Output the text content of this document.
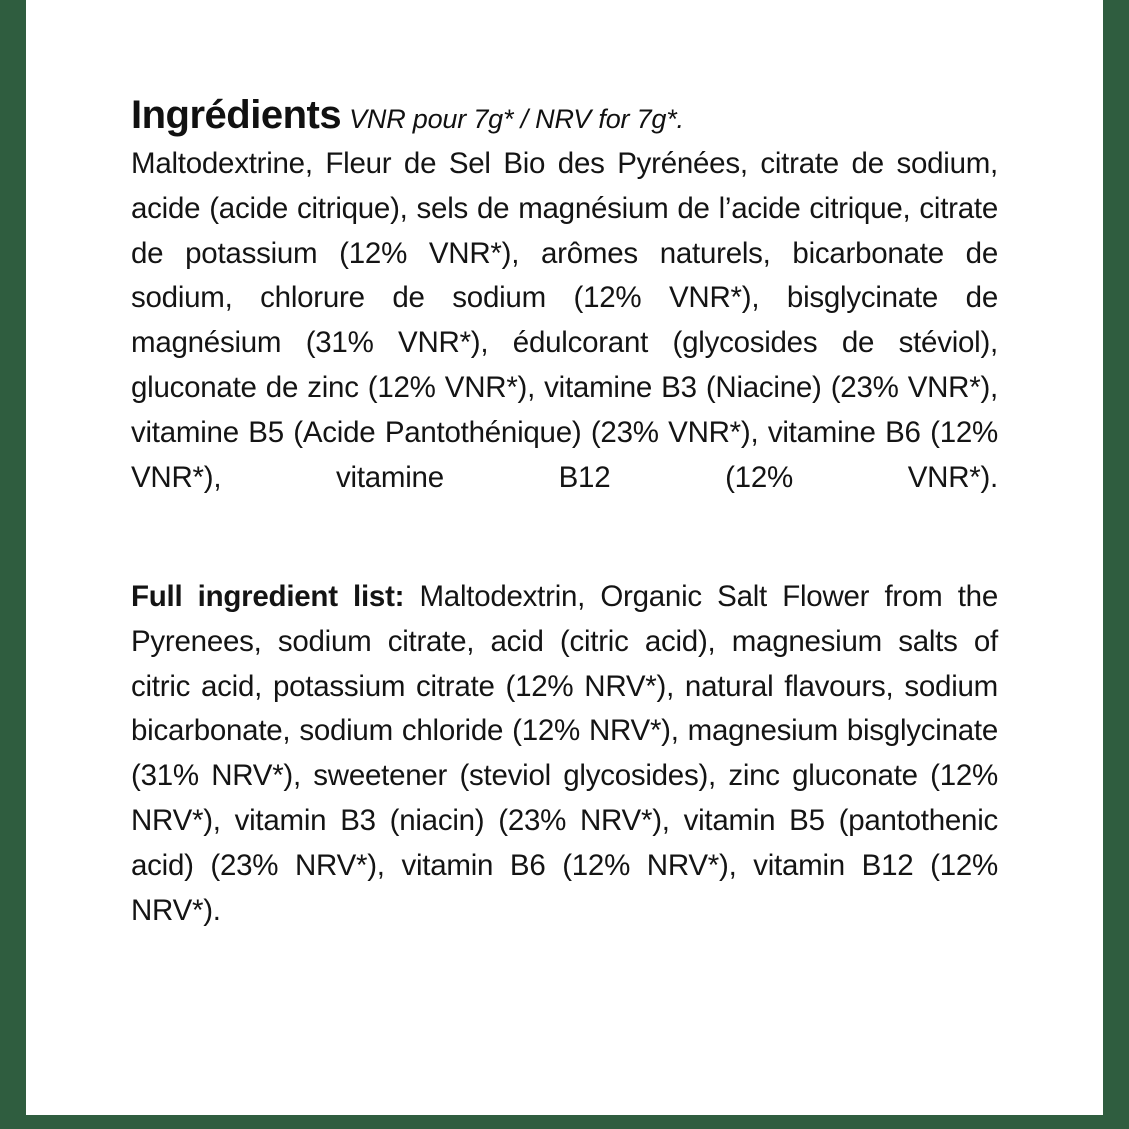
Ingrédients VNR pour 7g* / NRV for 7g*.

Maltodextrine, Fleur de Sel Bio des Pyrénées, citrate de sodium, acide (acide citrique), sels de magnésium de l’acide citrique, citrate de potassium (12% VNR*), arômes naturels, bicarbonate de sodium, chlorure de sodium (12% VNR*), bisglycinate de magnésium (31% VNR*), édulcorant (glycosides de stéviol), gluconate de zinc (12% VNR*), vitamine B3 (Niacine) (23% VNR*), vitamine B5 (Acide Pantothénique) (23% VNR*), vitamine B6 (12% VNR*), vitamine B12 (12% VNR*).

Full ingredient list: Maltodextrin, Organic Salt Flower from the Pyrenees, sodium citrate, acid (citric acid), magnesium salts of citric acid, potassium citrate (12% NRV*), natural flavours, sodium bicarbonate, sodium chloride (12% NRV*), magnesium bisglycinate (31% NRV*), sweetener (steviol glycosides), zinc gluconate (12% NRV*), vitamin B3 (niacin) (23% NRV*), vitamin B5 (pantothenic acid) (23% NRV*), vitamin B6 (12% NRV*), vitamin B12 (12% NRV*).
